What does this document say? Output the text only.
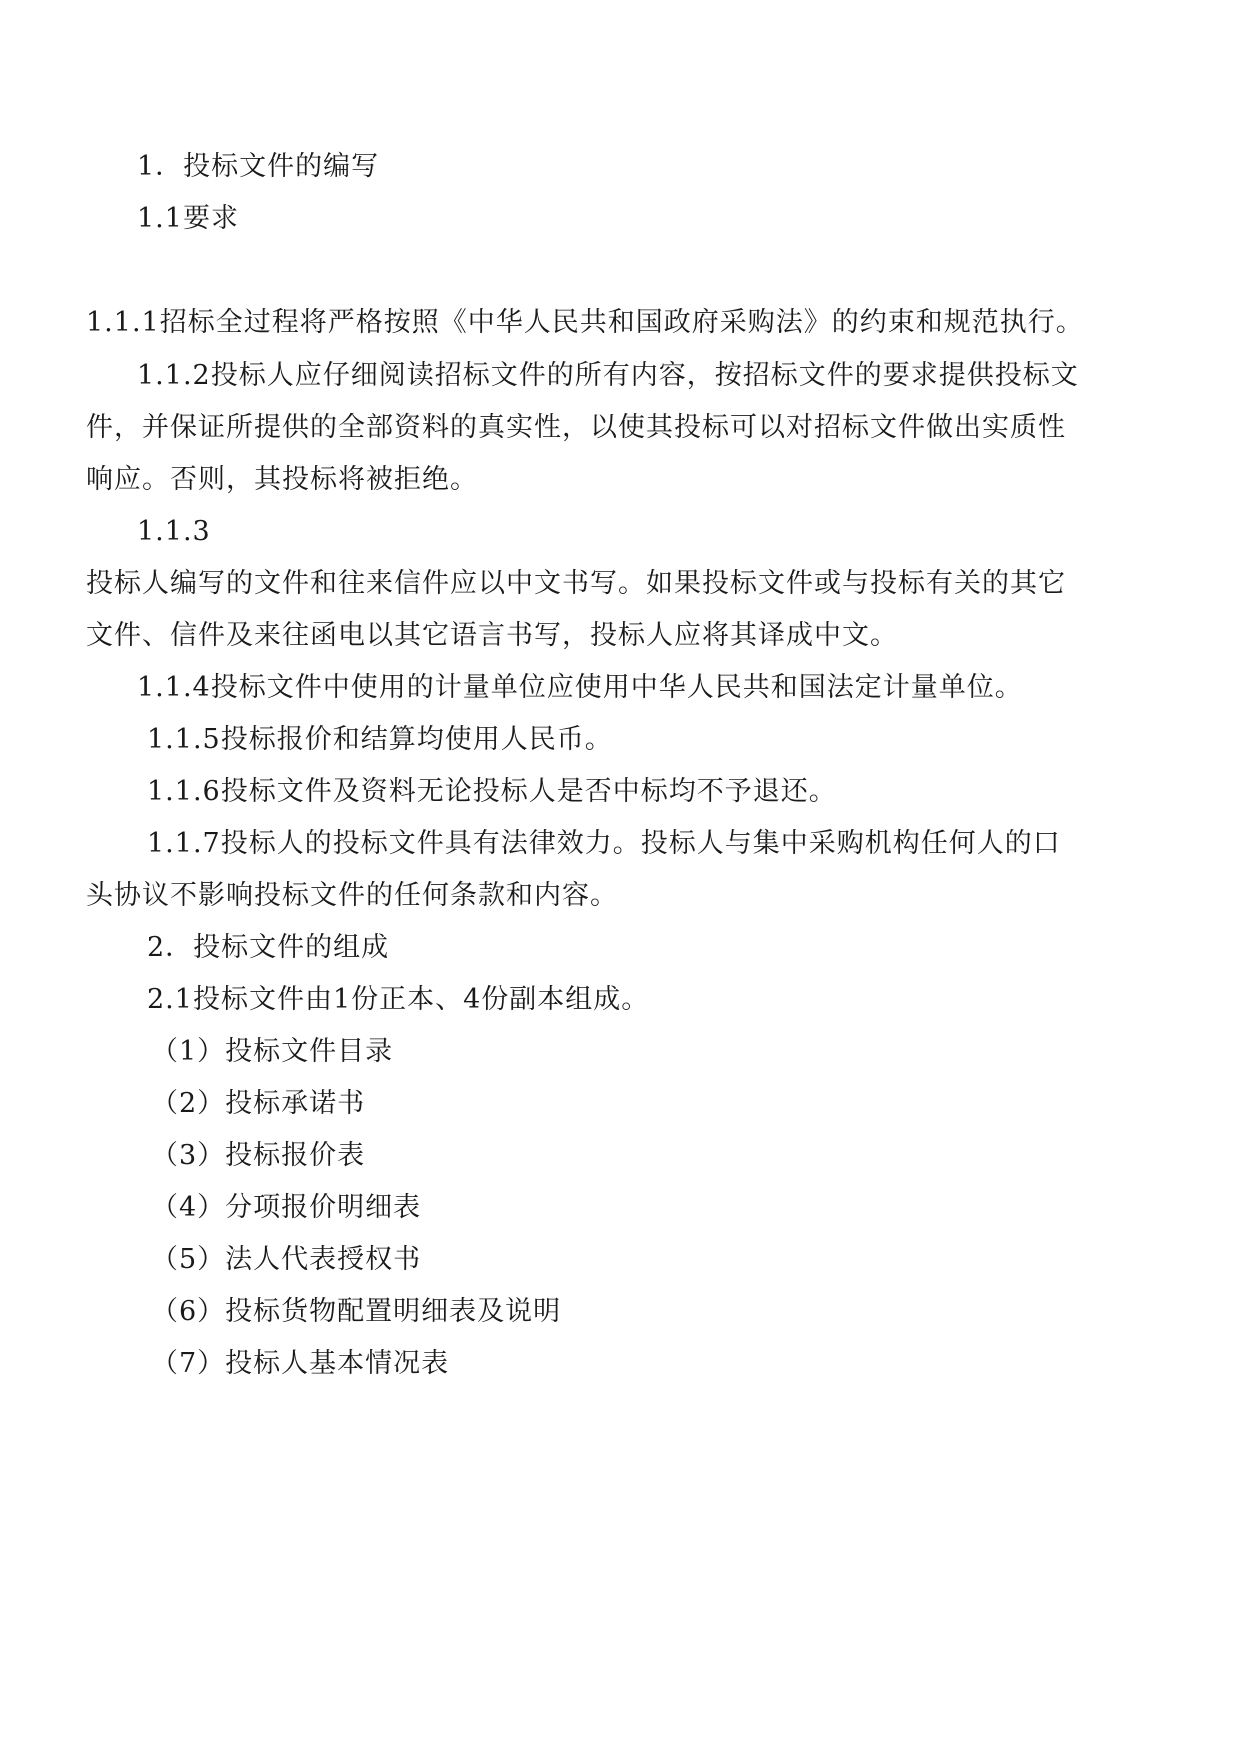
1．投标文件的编写
1.1要求
1.1.1招标全过程将严格按照《中华人民共和国政府采购法》的约束和规范执行。
1.1.2投标人应仔细阅读招标文件的所有内容，按招标文件的要求提供投标文
件，并保证所提供的全部资料的真实性，以使其投标可以对招标文件做出实质性
响应。否则，其投标将被拒绝。
1.1.3
投标人编写的文件和往来信件应以中文书写。如果投标文件或与投标有关的其它
文件、信件及来往函电以其它语言书写，投标人应将其译成中文。
1.1.4投标文件中使用的计量单位应使用中华人民共和国法定计量单位。
1.1.5投标报价和结算均使用人民币。
1.1.6投标文件及资料无论投标人是否中标均不予退还。
1.1.7投标人的投标文件具有法律效力。投标人与集中采购机构任何人的口
头协议不影响投标文件的任何条款和内容。
2．投标文件的组成
2.1投标文件由1份正本、4份副本组成。
（1）投标文件目录
（2）投标承诺书
（3）投标报价表
（4）分项报价明细表
（5）法人代表授权书
（6）投标货物配置明细表及说明
（7）投标人基本情况表
